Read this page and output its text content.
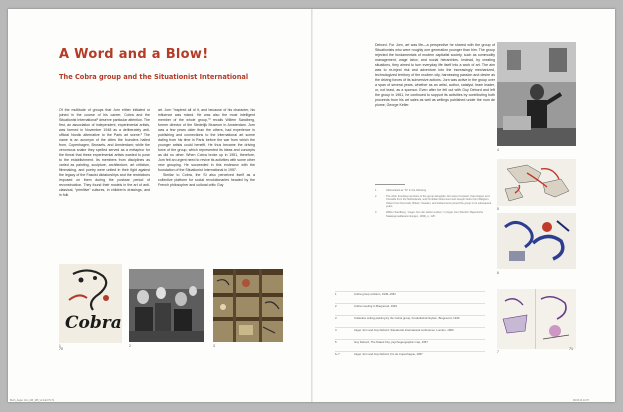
A Word and a Blow!
The Cobra group and the Situationist International

Of the multitude of groups that Jorn either initiated or joined in the course of his career, Cobra and the Situationist International¹ deserve particular attention. The first, an association of independent, experimental artists, was formed in November 1948 as a deliberately anti-official Nordic alternative to the Paris art scene.² The name is an acronym of the cities the founders hailed from, Copenhagen, Brussels, and Amsterdam; while the venomous snake they spelled served as a metaphor for the threat that these experimental artists wanted to pose to the establishment. Its members from disciplines as varied as painting, sculpture, architecture, art criticism, filmmaking, and poetry were united in their fight against the legacy of the Fascist dictatorships and the restrictions imposed on them during the postwar period of reconstruction. They found their models in the art of anti-classical, “primitive” cultures, in children’s drawings, and in folk

art. Jorn “inspired all of it, and because of his character, his influence was mixed. He was also the most intelligent member of the whole group,”³ recalls Willem Sandberg, former director of the Stedelijk Museum in Amsterdam. Jorn was a few years older than the others, had experience in publishing and connections to the international art scene dating from his time in Paris before the war from which the younger artists could benefit. He thus became the driving force of the group, which represented its ideas and concepts as did no other. When Cobra broke up in 1951, therefore, Jorn felt an urgent need to revive its activities with some other new grouping. He succeeded in this endeavor with the foundation of the Situationist International in 1957.

Similar to Cobra, the SI also perceived itself as a collective platform for social revolutionaries headed by the French philosopher and cultural critic Guy

Cobra
1	2	3
70

Debord. For Jorn, art was life—a perspective he shared with the group of Situationists who were roughly one generation younger than him. The group rejected the fundamentals of modern capitalist society, such as commodity management, wage labor, and social hierarchies. Instead, by creating situations, they aimed to turn everyday life itself into a work of art. The aim was to re-inject risk and adventure into the increasingly mechanized, technologized territory of the modern city, harnessing passion and desire as the driving forces of its subversive actions. Jorn was active in the group over a span of several years, whether as an artist, author, catalyst, team leader, or, not least, as a sponsor. Even after he fell out with Guy Debord and left the group in 1961, he continued to support its activities by contributing both proceeds from his art sales as well as writings published under the nom de plume, George Keller.

1	Abbreviated as “SI” in the following.
2	The other founding members of the group alongside Jorn were Constant, Karel Appel, and Corneille from the Netherlands, and Christian Dotremont and Joseph Noiret from Belgium. Others from Denmark, Britain, Sweden, and Iceland soon joined the group in its subsequent years.
3	Willem Sandberg, “Asger Jorn der sieben Leben,” in Asger Jorn (Munich: Bayerische Staatsgemaldesammlungen, 1964), p. 125.
1	Cobra group emblem, 1949–1951
2	Cobra meeting in Bregnerod, 1949
3	Collective ceiling painting by the Cobra group, Frederiksholmhytten, Bregnerod, 1949
4	Asger Jorn and Guy Debord, Situationist International conference, London, 1960
5	Guy Debord, The Naked City, psychogeographic map, 1957
6–7	Asger Jorn and Guy Debord, Fin de Copenhague, 1957
4
5
6
7
71
Buch_Asger Jorn_GB_105_v2.indd 70-71	09.03.14 14:37
